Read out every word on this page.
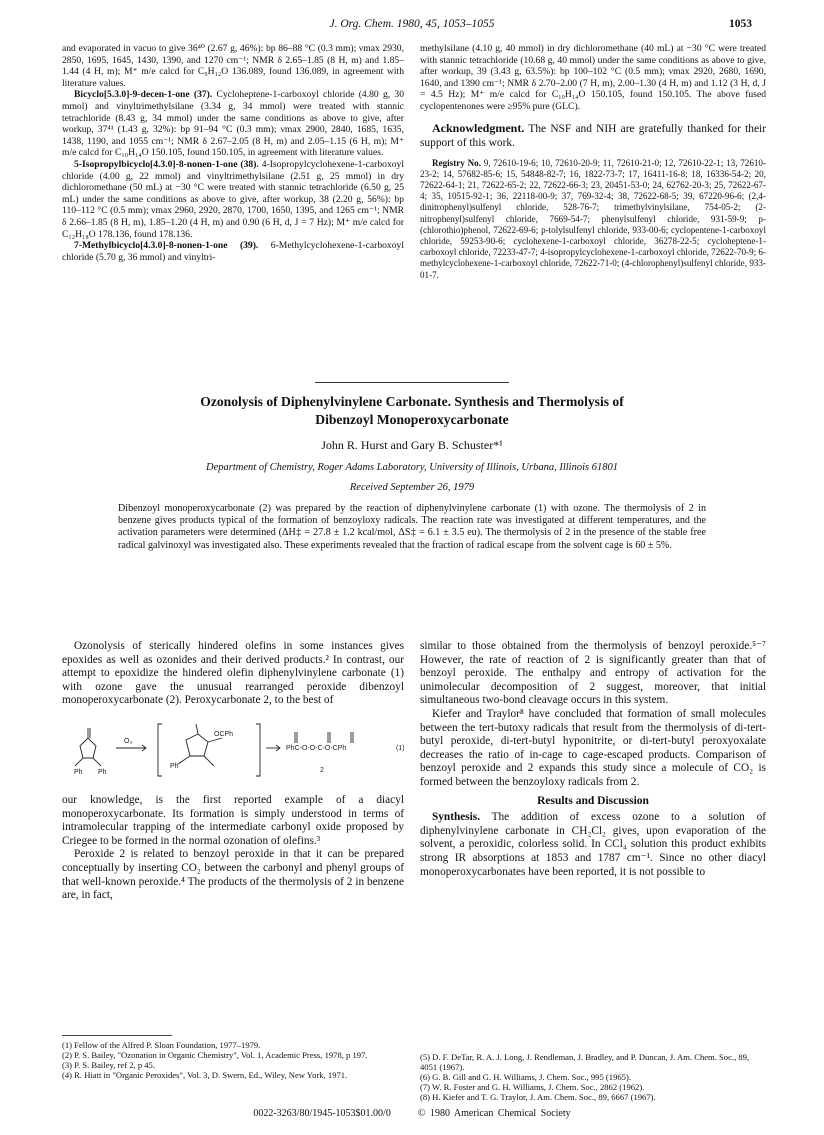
J. Org. Chem. 1980, 45, 1053–1055	1053

and evaporated in vacuo to give 36⁴⁰ (2.67 g, 46%): bp 86–88 °C (0.3 mm); νmax 2930, 2850, 1695, 1645, 1430, 1390, and 1270 cm⁻¹; NMR δ 2.65–1.85 (8 H, m) and 1.85–1.44 (4 H, m); M⁺ m/e calcd for C₉H₁₂O 136.089, found 136.089, in agreement with literature values.

Bicyclo[5.3.0]-9-decen-1-one (37). Cycloheptene-1-carboxoyl chloride (4.80 g, 30 mmol) and vinyltrimethylsilane (3.34 g, 34 mmol) were treated with stannic tetrachloride (8.43 g, 34 mmol) under the same conditions as above to give, after workup, 37⁴¹ (1.43 g, 32%): bp 91–94 °C (0.3 mm); νmax 2900, 2840, 1685, 1635, 1438, 1190, and 1055 cm⁻¹; NMR δ 2.67–2.05 (8 H, m) and 2.05–1.15 (6 H, m); M⁺ m/e calcd for C₁₀H₁₄O 150.105, found 150.105, in agreement with literature values.

5-Isopropylbicyclo[4.3.0]-8-nonen-1-one (38). 4-Isopropylcyclohexene-1-carboxoyl chloride (4.00 g, 22 mmol) and vinyltrimethylsilane (2.51 g, 25 mmol) in dry dichloromethane (50 mL) at −30 °C were treated with stannic tetrachloride (6.50 g, 25 mL) under the same conditions as above to give, after workup, 38 (2.20 g, 56%): bp 110–112 °C (0.5 mm); νmax 2960, 2920, 2870, 1700, 1650, 1395, and 1265 cm⁻¹; NMR δ 2.66–1.85 (8 H, m), 1.85–1.20 (4 H, m) and 0.90 (6 H, d, J = 7 Hz); M⁺ m/e calcd for C₁₂H₁₈O 178.136, found 178.136.

7-Methylbicyclo[4.3.0]-8-nonen-1-one (39). 6-Methylcyclohexene-1-carboxoyl chloride (5.70 g, 36 mmol) and vinyltri-

methylsilane (4.10 g, 40 mmol) in dry dichloromethane (40 mL) at −30 °C were treated with stannic tetrachloride (10.68 g, 40 mmol) under the same conditions as above to give, after workup, 39 (3.43 g, 63.5%): bp 100–102 °C (0.5 mm); νmax 2920, 2680, 1690, 1640, and 1390 cm⁻¹; NMR δ 2.70–2.00 (7 H, m), 2.00–1.30 (4 H, m) and 1.12 (3 H, d, J = 4.5 Hz); M⁺ m/e calcd for C₁₀H₁₄O 150.105, found 150.105. The above fused cyclopentenones were ≥95% pure (GLC).

Acknowledgment. The NSF and NIH are gratefully thanked for their support of this work.

Registry No. 9, 72610-19-6; 10, 72610-20-9; 11, 72610-21-0; 12, 72610-22-1; 13, 72610-23-2; 14, 57682-85-6; 15, 54848-82-7; 16, 1822-73-7; 17, 16411-16-8; 18, 16336-54-2; 20, 72622-64-1; 21, 72622-65-2; 22, 72622-66-3; 23, 20451-53-0; 24, 62762-20-3; 25, 72622-67-4; 35, 10515-92-1; 36, 22118-00-9; 37, 769-32-4; 38, 72622-68-5; 39, 67220-96-6; (2,4-dinitrophenyl)sulfenyl chloride, 528-76-7; trimethylvinylsilane, 754-05-2; (2-nitrophenyl)sulfenyl chloride, 7669-54-7; phenylsulfenyl chloride, 931-59-9; p-(chlorothio)phenol, 72622-69-6; p-tolylsulfenyl chloride, 933-00-6; cyclopentene-1-carboxoyl chloride, 59253-90-6; cyclohexene-1-carboxoyl chloride, 36278-22-5; cycloheptene-1-carboxoyl chloride, 72233-47-7; 4-isopropylcyclohexene-1-carboxoyl chloride, 72622-70-9; 6-methylcyclohexene-1-carboxoyl chloride, 72622-71-0; (4-chlorophenyl)sulfenyl chloride, 933-01-7.

Ozonolysis of Diphenylvinylene Carbonate. Synthesis and Thermolysis of
Dibenzoyl Monoperoxycarbonate
John R. Hurst and Gary B. Schuster*¹
Department of Chemistry, Roger Adams Laboratory, University of Illinois, Urbana, Illinois 61801
Received September 26, 1979
Dibenzoyl monoperoxycarbonate (2) was prepared by the reaction of diphenylvinylene carbonate (1) with ozone. The thermolysis of 2 in benzene gives products typical of the formation of benzoyloxy radicals. The reaction rate was investigated at different temperatures, and the activation parameters were determined (ΔH‡ = 27.8 ± 1.2 kcal/mol, ΔS‡ = 6.1 ± 3.5 eu). The thermolysis of 2 in the presence of the stable free radical galvinoxyl was investigated also. These experiments revealed that the fraction of radical escape from the solvent cage is 60 ± 5%.

Ozonolysis of sterically hindered olefins in some instances gives epoxides as well as ozonides and their derived products.² In contrast, our attempt to epoxidize the hindered olefin diphenylvinylene carbonate (1) with ozone gave the unusual rearranged peroxide dibenzoyl monoperoxycarbonate (2). Peroxycarbonate 2, to the best of

Ph Ph
O₃
OCPh
Ph
PhC-O-O-C-O-CPh	(1)
2

our knowledge, is the first reported example of a diacyl monoperoxycarbonate. Its formation is simply understood in terms of intramolecular trapping of the intermediate carbonyl oxide proposed by Criegee to be formed in the normal ozonation of olefins.³

Peroxide 2 is related to benzoyl peroxide in that it can be prepared conceptually by inserting CO₂ between the carbonyl and phenyl groups of that well-known peroxide.⁴ The products of the thermolysis of 2 in benzene are, in fact,

similar to those obtained from the thermolysis of benzoyl peroxide.⁵⁻⁷ However, the rate of reaction of 2 is significantly greater than that of benzoyl peroxide. The enthalpy and entropy of activation for the unimolecular decomposition of 2 suggest, moreover, that initial simultaneous two-bond cleavage occurs in this system.

Kiefer and Traylor⁸ have concluded that formation of small molecules between the tert-butoxy radicals that result from the thermolysis of di-tert-butyl peroxide, di-tert-butyl hyponitrite, or di-tert-butyl peroxyoxalate decreases the ratio of in-cage to cage-escaped products. Comparison of benzoyl peroxide and 2 expands this study since a molecule of CO₂ is formed between the benzoyloxy radicals from 2.

Results and Discussion

Synthesis. The addition of excess ozone to a solution of diphenylvinylene carbonate in CH₂Cl₂ gives, upon evaporation of the solvent, a peroxidic, colorless solid. In CCl₄ solution this product exhibits strong IR absorptions at 1853 and 1787 cm⁻¹. Since no other diacyl monoperoxycarbonates have been reported, it is not possible to

(1) Fellow of the Alfred P. Sloan Foundation, 1977–1979.

(2) P. S. Bailey, "Ozonation in Organic Chemistry", Vol. 1, Academic Press, 1978, p 197.

(3) P. S. Bailey, ref 2, p 45.

(4) R. Hiatt in "Organic Peroxides", Vol. 3, D. Swern, Ed., Wiley, New York, 1971.

(5) D. F. DeTar, R. A. J. Long, J. Rendleman, J. Bradley, and P. Duncan, J. Am. Chem. Soc., 89, 4051 (1967).

(6) G. B. Gill and G. H. Williams, J. Chem. Soc., 995 (1965).

(7) W. R. Foster and G. H. Williams, J. Chem. Soc., 2862 (1962).

(8) H. Kiefer and T. G. Traylor, J. Am. Chem. Soc., 89, 6667 (1967).

0022-3263/80/1945-1053$01.00/0	© 1980 American Chemical Society
